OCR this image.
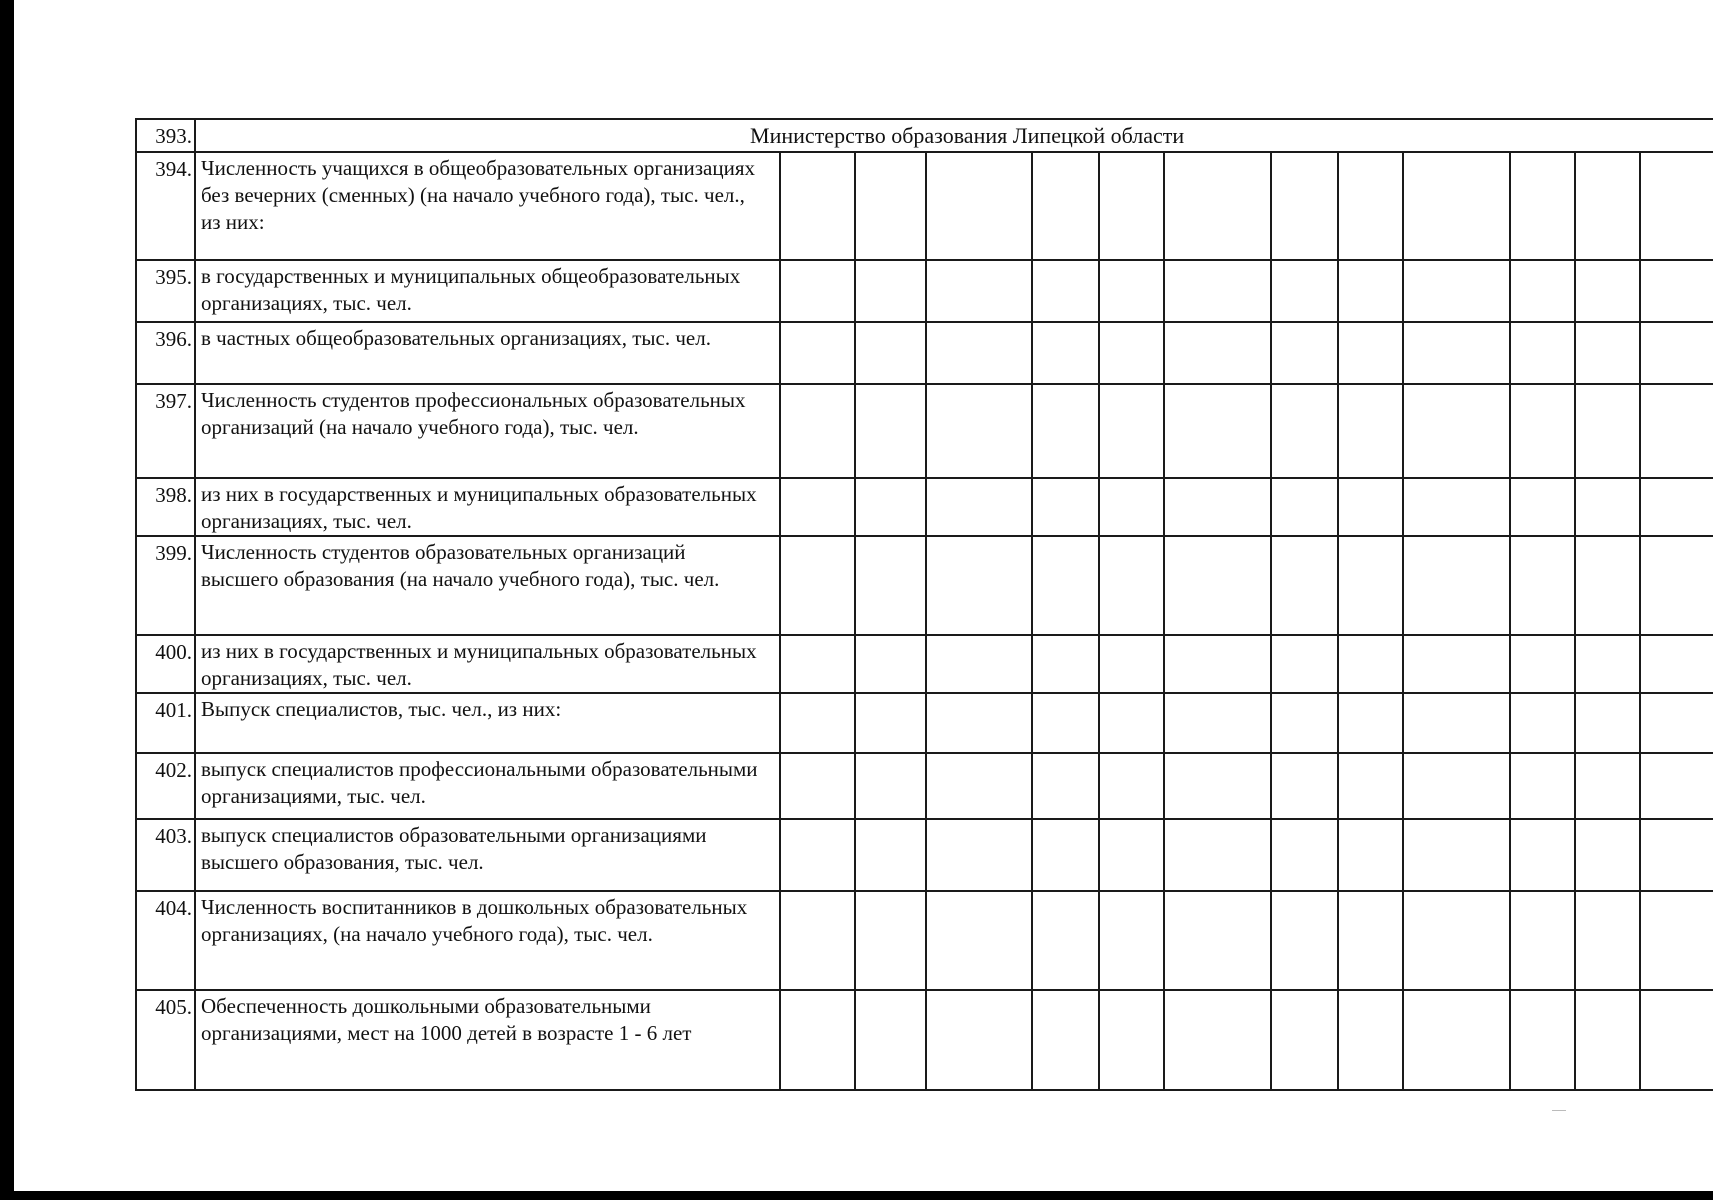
393.	Министерство образования Липецкой области												
394.	Численность учащихся в общеобразовательных организациях без вечерних (сменных) (на начало учебного года), тыс. чел., из них:												
395.	в государственных и муниципальных общеобразовательных организациях, тыс. чел.												
396.	в частных общеобразовательных организациях, тыс. чел.												
397.	Численность студентов профессиональных образовательных организаций (на начало учебного года), тыс. чел.												
398.	из них в государственных и муниципальных образовательных организациях, тыс. чел.												
399.	Численность студентов образовательных организаций высшего образования (на начало учебного года), тыс. чел.												
400.	из них в государственных и муниципальных образовательных организациях, тыс. чел.												
401.	Выпуск специалистов, тыс. чел., из них:												
402.	выпуск специалистов профессиональными образовательными организациями, тыс. чел.												
403.	выпуск специалистов образовательными организациями высшего образования, тыс. чел.												
404.	Численность воспитанников в дошкольных образовательных организациях, (на начало учебного года), тыс. чел.												
405.	Обеспеченность дошкольными образовательными организациями, мест на 1000 детей в возрасте 1 - 6 лет												
